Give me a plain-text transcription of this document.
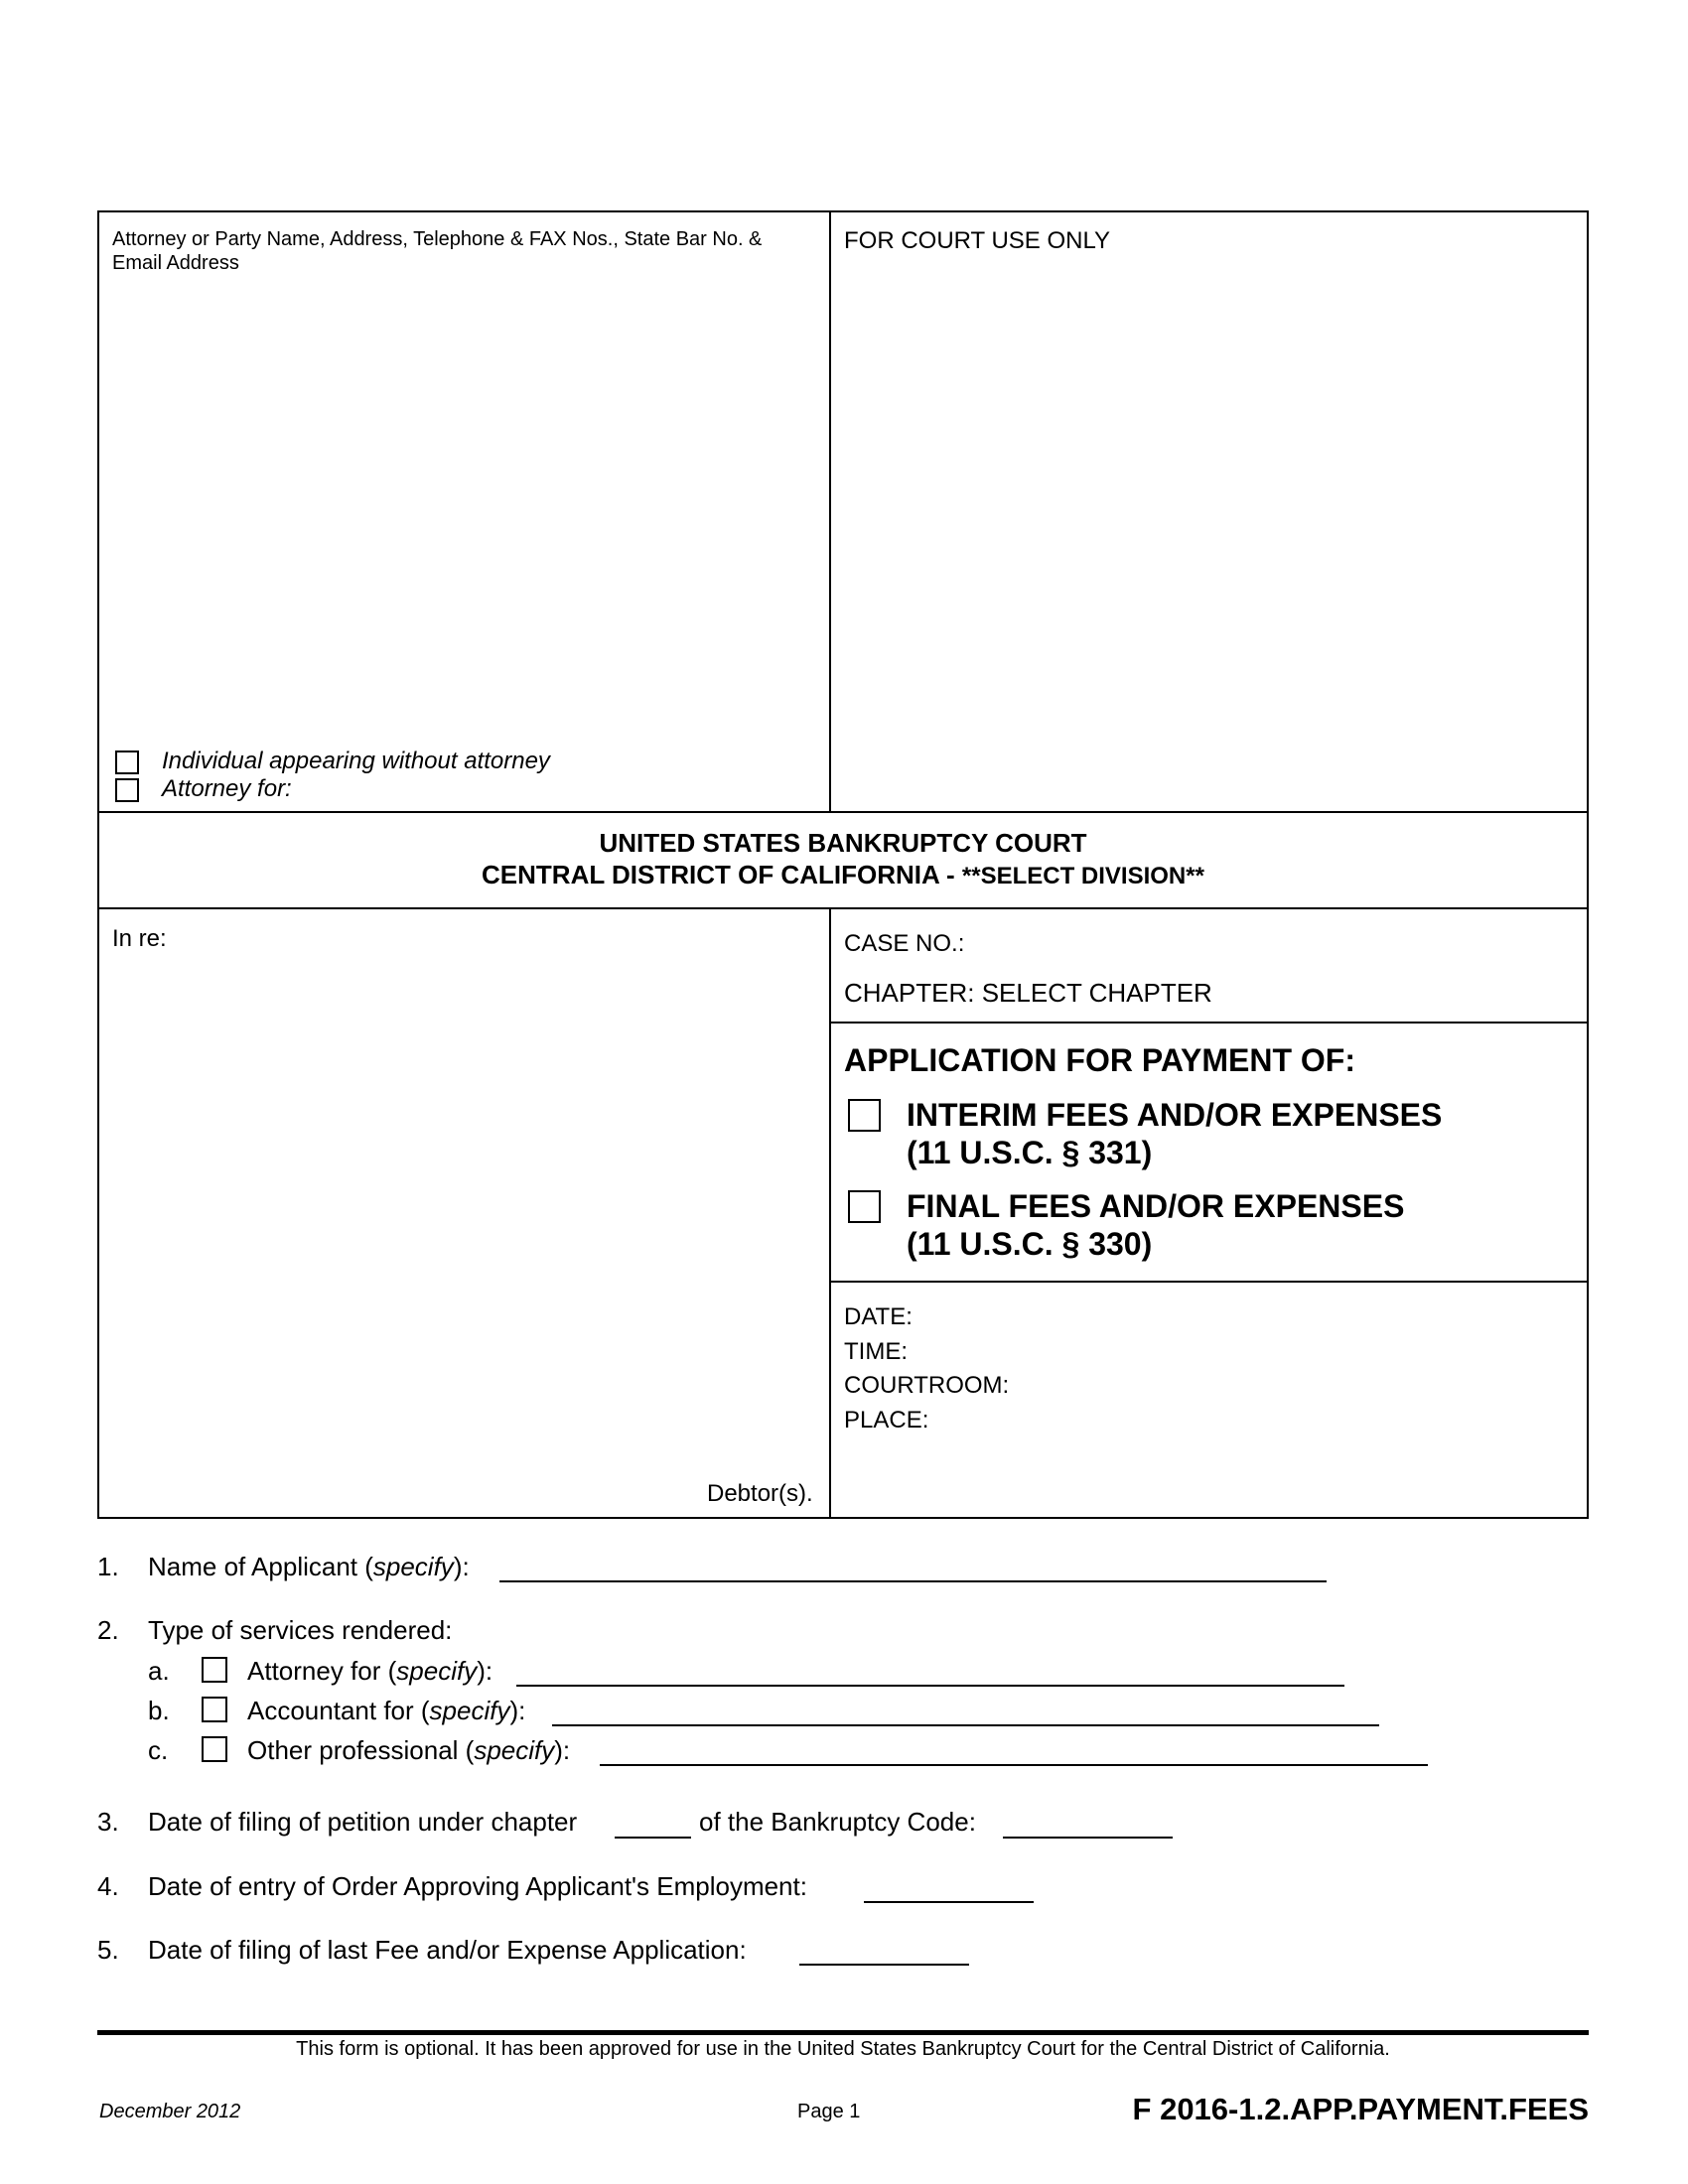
Attorney or Party Name, Address, Telephone & FAX Nos., State Bar No. &
Email Address
FOR COURT USE ONLY
Individual appearing without attorney
Attorney for:
UNITED STATES BANKRUPTCY COURT
CENTRAL DISTRICT OF CALIFORNIA - **SELECT DIVISION**
In re:
Debtor(s).
CASE NO.:
CHAPTER: SELECT CHAPTER
APPLICATION FOR PAYMENT OF:
INTERIM FEES AND/OR EXPENSES
(11 U.S.C. § 331)
FINAL FEES AND/OR EXPENSES
(11 U.S.C. § 330)
DATE:
TIME:
COURTROOM:
PLACE:
1. Name of Applicant (specify):
2. Type of services rendered:
a.	Attorney for (specify):
b.	Accountant for (specify):
c.	Other professional (specify):
3. Date of filing of petition under chapter	of the Bankruptcy Code:
4. Date of entry of Order Approving Applicant's Employment:
5. Date of filing of last Fee and/or Expense Application:
This form is optional. It has been approved for use in the United States Bankruptcy Court for the Central District of California.
December 2012	Page 1	F 2016-1.2.APP.PAYMENT.FEES
